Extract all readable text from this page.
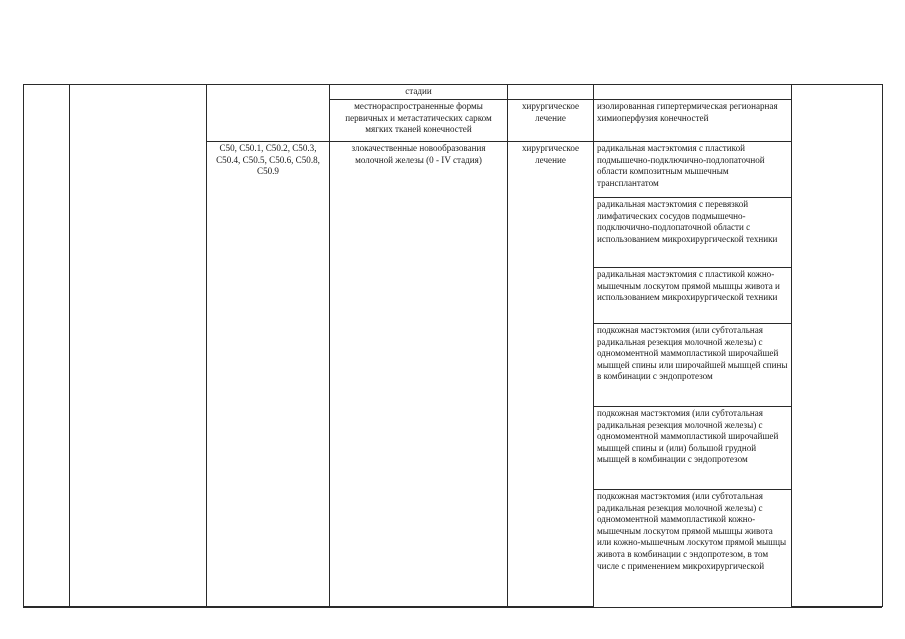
			стадии			
			местнораспространенные формы первичных и метастатических сарком мягких тканей конечностей	хирургическое лечение	изолированная гипертермическая регионарная химиоперфузия конечностей	
		C50, C50.1, C50.2, C50.3, C50.4, C50.5, C50.6, C50.8, C50.9	злокачественные новообразования молочной железы (0 - IV стадия)	хирургическое лечение	радикальная мастэктомия с пластикой подмышечно-подключично-подлопаточной области композитным мышечным трансплантатом	
					радикальная мастэктомия с перевязкой лимфатических сосудов подмышечно-подключично-подлопаточной области с использованием микрохирургической техники	
					радикальная мастэктомия с пластикой кожно-мышечным лоскутом прямой мышцы живота и использованием микрохирургической техники	
					подкожная мастэктомия (или субтотальная радикальная резекция молочной железы) с одномоментной маммопластикой широчайшей мышцей спины или широчайшей мышцей спины в комбинации с эндопротезом	
					подкожная мастэктомия (или субтотальная радикальная резекция молочной железы) с одномоментной маммопластикой широчайшей мышцей спины и (или) большой грудной мышцей в комбинации с эндопротезом	

					подкожная мастэктомия (или субтотальная радикальная резекция молочной железы) с одномоментной маммопластикой кожно-мышечным лоскутом прямой мышцы живота или кожно-мышечным лоскутом прямой мышцы живота в комбинации с эндопротезом, в том числе с применением микрохирургической	
